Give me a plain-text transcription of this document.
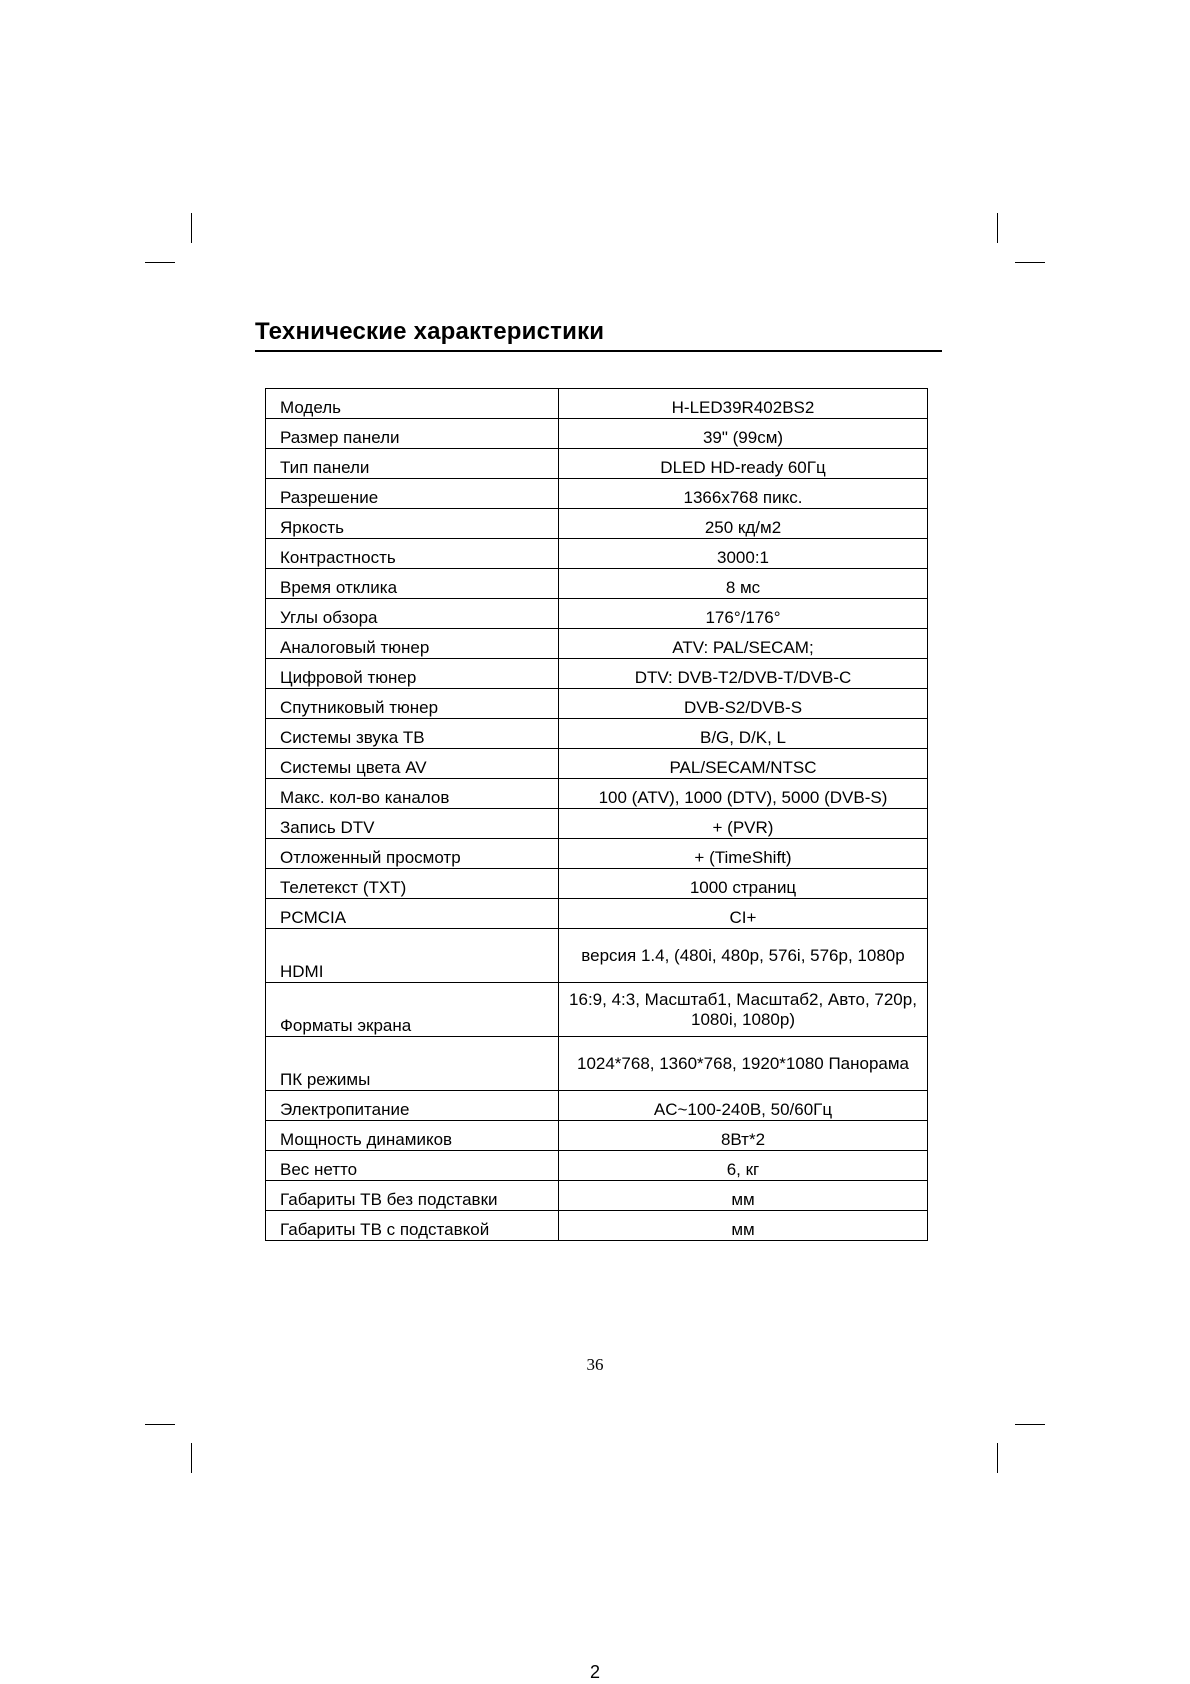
Технические характеристики
Модель	H-LED39R402BS2
Размер панели	39" (99см)
Тип панели	DLED HD-ready 60Гц
Разрешение	1366x768 пикс.
Яркость	250 кд/м2
Контрастность	3000:1
Время отклика	8 мс
Углы обзора	176°/176°
Аналоговый тюнер	ATV: PAL/SECAM;
Цифровой тюнер	DTV: DVB-T2/DVB-T/DVB-C
Спутниковый тюнер	DVB-S2/DVB-S
Системы звука ТВ	B/G, D/K, L
Системы цвета AV	PAL/SECAM/NTSC
Макс. кол-во каналов	100 (ATV), 1000 (DTV), 5000 (DVB-S)
Запись DTV	+ (PVR)
Отложенный просмотр	+ (TimeShift)
Телетекст (TXT)	1000 страниц
PCMCIA	CI+
HDMI	версия 1.4, (480i, 480p, 576i, 576p, 1080p
Форматы экрана	16:9, 4:3, Масштаб1, Масштаб2, Авто, 720p, 1080i, 1080p)
ПК режимы	1024*768, 1360*768, 1920*1080 Панорама
Электропитание	AC~100-240В, 50/60Гц
Мощность динамиков	8Вт*2
Вес нетто	6, кг
Габариты ТВ без подставки	мм
Габариты ТВ с подставкой	мм
36
2
